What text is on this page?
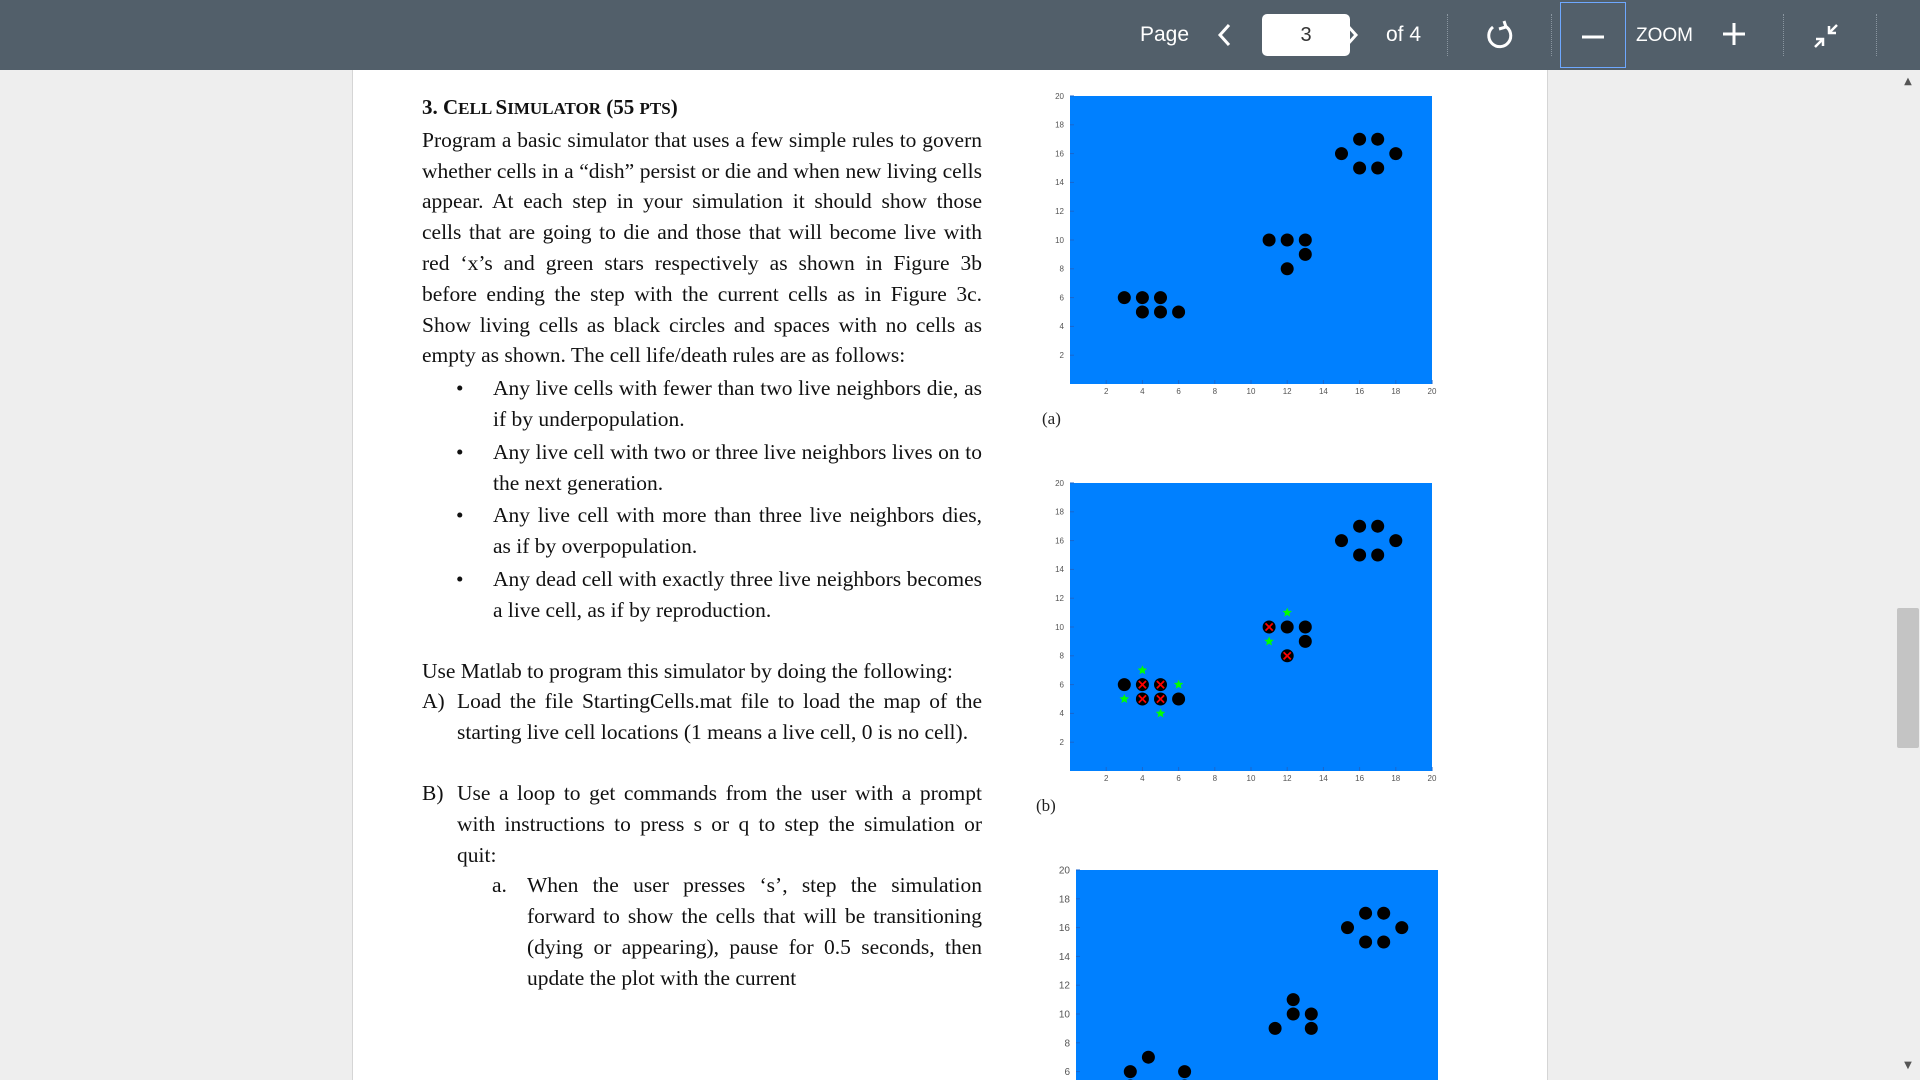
Page	3	of 4	ZOOM

3. CELL SIMULATOR (55 PTS)

Program a basic simulator that uses a few simple rules to govern whether cells in a “dish” persist or die and when new living cells appear. At each step in your simulation it should show those cells that are going to die and those that will become live with red ‘x’s and green stars respectively as shown in Figure 3b before ending the step with the current cells as in Figure 3c. Show living cells as black circles and spaces with no cells as empty as shown. The cell life/death rules are as follows:

• Any live cells with fewer than two live neighbors die, as if by underpopulation.
• Any live cell with two or three live neighbors lives on to the next generation.
• Any live cell with more than three live neighbors dies, as if by overpopulation.
• Any dead cell with exactly three live neighbors becomes a live cell, as if by reproduction.

Use Matlab to program this simulator by doing the following:

A) Load the file StartingCells.mat file to load the map of the starting live cell locations (1 means a live cell, 0 is no cell).
B) Use a loop to get commands from the user with a prompt with instructions to press s or q to step the simulation or quit:
a. When the user presses ‘s’, step the simulation forward to show the cells that will be transitioning (dying or appearing), pause for 0.5 seconds, then update the plot with the current
2
4
6
8
10
12
14
16
18
20
2	4	6	8	10	12	14	16	18	20
(a)
2
4
6
8
10
12
14
16
18
20
2	4	6	8	10	12	14	16	18	20
(b)
6
8
10
12
14
16
18
20
▲
▼
